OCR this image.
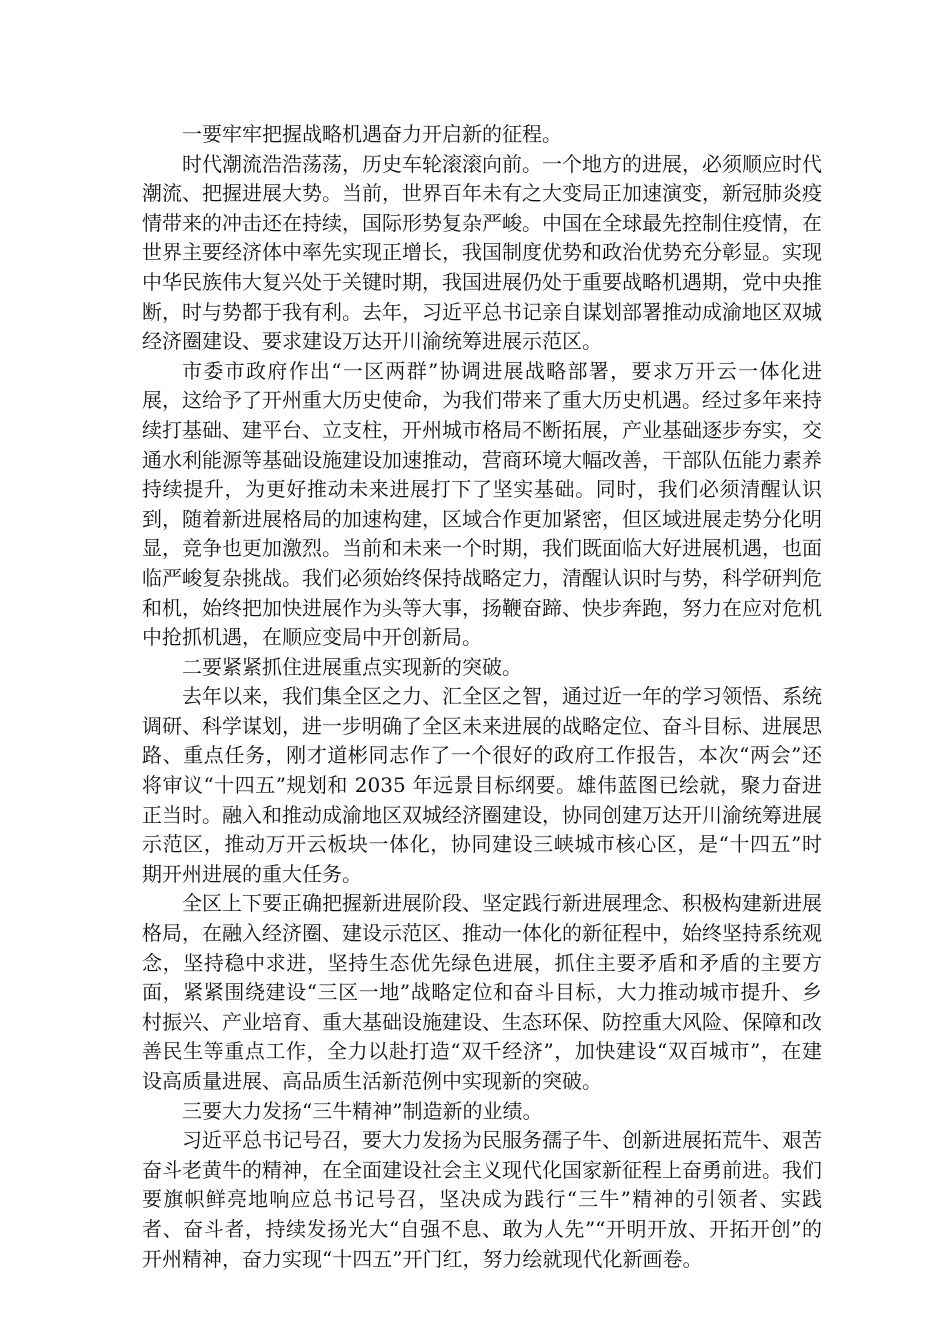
一要牢牢把握战略机遇奋力开启新的征程。

时代潮流浩浩荡荡，历史车轮滚滚向前。一个地方的进展，必须顺应时代潮流、把握进展大势。当前，世界百年未有之大变局正加速演变，新冠肺炎疫情带来的冲击还在持续，国际形势复杂严峻。中国在全球最先控制住疫情，在世界主要经济体中率先实现正增长，我国制度优势和政治优势充分彰显。实现中华民族伟大复兴处于关键时期，我国进展仍处于重要战略机遇期，党中央推断，时与势都于我有利。去年，习近平总书记亲自谋划部署推动成渝地区双城经济圈建设、要求建设万达开川渝统筹进展示范区。

市委市政府作出“一区两群”协调进展战略部署，要求万开云一体化进展，这给予了开州重大历史使命，为我们带来了重大历史机遇。经过多年来持续打基础、建平台、立支柱，开州城市格局不断拓展，产业基础逐步夯实，交通水利能源等基础设施建设加速推动，营商环境大幅改善，干部队伍能力素养持续提升，为更好推动未来进展打下了坚实基础。同时，我们必须清醒认识到，随着新进展格局的加速构建，区域合作更加紧密，但区域进展走势分化明显，竞争也更加激烈。当前和未来一个时期，我们既面临大好进展机遇，也面临严峻复杂挑战。我们必须始终保持战略定力，清醒认识时与势，科学研判危和机，始终把加快进展作为头等大事，扬鞭奋蹄、快步奔跑，努力在应对危机中抢抓机遇，在顺应变局中开创新局。

二要紧紧抓住进展重点实现新的突破。

去年以来，我们集全区之力、汇全区之智，通过近一年的学习领悟、系统调研、科学谋划，进一步明确了全区未来进展的战略定位、奋斗目标、进展思路、重点任务，刚才道彬同志作了一个很好的政府工作报告，本次“两会”还将审议“十四五”规划和 2035 年远景目标纲要。雄伟蓝图已绘就，聚力奋进正当时。融入和推动成渝地区双城经济圈建设，协同创建万达开川渝统筹进展示范区，推动万开云板块一体化，协同建设三峡城市核心区，是“十四五”时期开州进展的重大任务。

全区上下要正确把握新进展阶段、坚定践行新进展理念、积极构建新进展格局，在融入经济圈、建设示范区、推动一体化的新征程中，始终坚持系统观念，坚持稳中求进，坚持生态优先绿色进展，抓住主要矛盾和矛盾的主要方面，紧紧围绕建设“三区一地”战略定位和奋斗目标，大力推动城市提升、乡村振兴、产业培育、重大基础设施建设、生态环保、防控重大风险、保障和改善民生等重点工作，全力以赴打造“双千经济”，加快建设“双百城市”，在建设高质量进展、高品质生活新范例中实现新的突破。

三要大力发扬“三牛精神”制造新的业绩。

习近平总书记号召，要大力发扬为民服务孺子牛、创新进展拓荒牛、艰苦奋斗老黄牛的精神，在全面建设社会主义现代化国家新征程上奋勇前进。我们要旗帜鲜亮地响应总书记号召，坚决成为践行“三牛”精神的引领者、实践者、奋斗者，持续发扬光大“自强不息、敢为人先”“开明开放、开拓开创”的开州精神，奋力实现“十四五”开门红，努力绘就现代化新画卷。
